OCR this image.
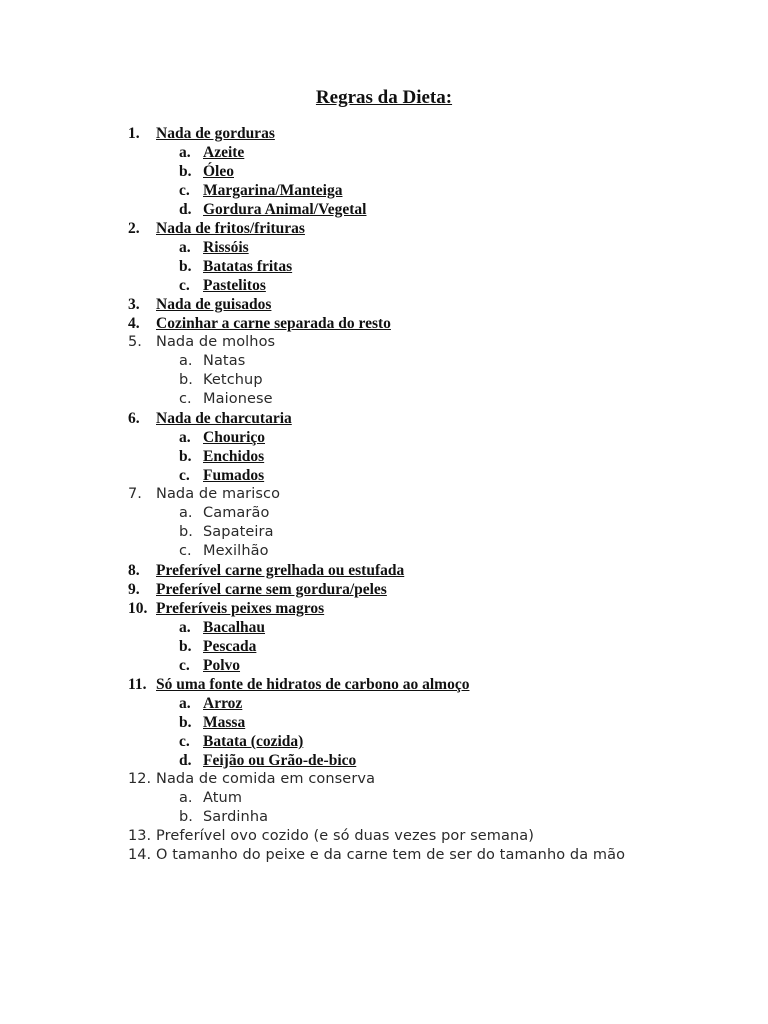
Regras da Dieta:
1.	Nada de gorduras
a. Azeite
b. Óleo
c. Margarina/Manteiga
d. Gordura Animal/Vegetal
2.	Nada de fritos/frituras
a. Rissóis
b. Batatas fritas
c. Pastelitos
3.	Nada de guisados
4.	Cozinhar a carne separada do resto
5. Nada de molhos
a. Natas
b. Ketchup
c. Maionese
6.	Nada de charcutaria
a. Chouriço
b. Enchidos
c. Fumados
7. Nada de marisco
a. Camarão
b. Sapateira
c. Mexilhão
8.	Preferível carne grelhada ou estufada
9.	Preferível carne sem gordura/peles
10. Preferíveis peixes magros
a. Bacalhau
b. Pescada
c. Polvo
11. Só uma fonte de hidratos de carbono ao almoço
a. Arroz
b. Massa
c. Batata (cozida)
d. Feijão ou Grão-de-bico
12. Nada de comida em conserva
a. Atum
b. Sardinha
13. Preferível ovo cozido (e só duas vezes por semana)
14. O tamanho do peixe e da carne tem de ser do tamanho da mão
